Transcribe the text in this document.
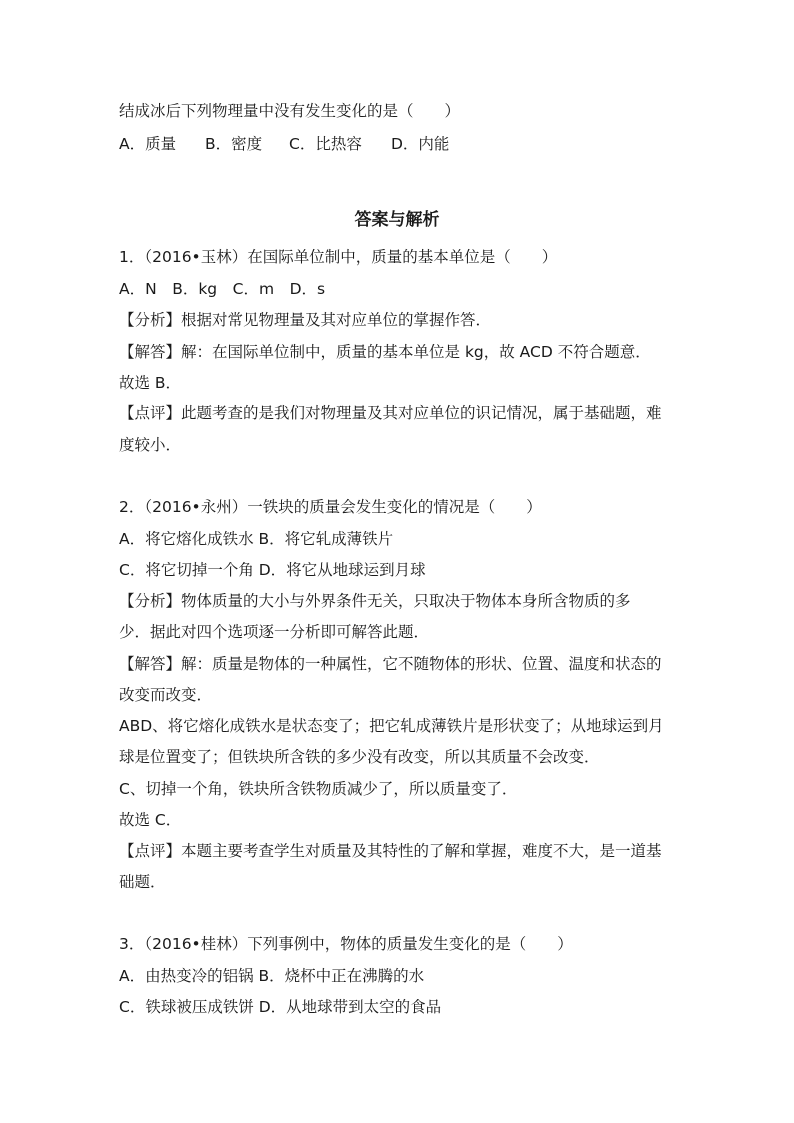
结成冰后下列物理量中没有发生变化的是（　　）
A．质量 B．密度 C．比热容 D．内能
答案与解析
1．（2016•玉林）在国际单位制中，质量的基本单位是（　　）
A．N　B．kg　C．m　D．s
【分析】根据对常见物理量及其对应单位的掌握作答．
【解答】解：在国际单位制中，质量的基本单位是 kg，故 ACD 不符合题意．
故选 B．
【点评】此题考查的是我们对物理量及其对应单位的识记情况，属于基础题，难
度较小．
2．（2016•永州）一铁块的质量会发生变化的情况是（　　）
A．将它熔化成铁水 B．将它轧成薄铁片
C．将它切掉一个角 D．将它从地球运到月球
【分析】物体质量的大小与外界条件无关，只取决于物体本身所含物质的多
少．据此对四个选项逐一分析即可解答此题．
【解答】解：质量是物体的一种属性，它不随物体的形状、位置、温度和状态的
改变而改变．
ABD、将它熔化成铁水是状态变了；把它轧成薄铁片是形状变了；从地球运到月
球是位置变了；但铁块所含铁的多少没有改变，所以其质量不会改变．
C、切掉一个角，铁块所含铁物质减少了，所以质量变了．
故选 C．
【点评】本题主要考查学生对质量及其特性的了解和掌握，难度不大，是一道基
础题．
3．（2016•桂林）下列事例中，物体的质量发生变化的是（　　）
A．由热变冷的铝锅 B．烧杯中正在沸腾的水
C．铁球被压成铁饼 D．从地球带到太空的食品
